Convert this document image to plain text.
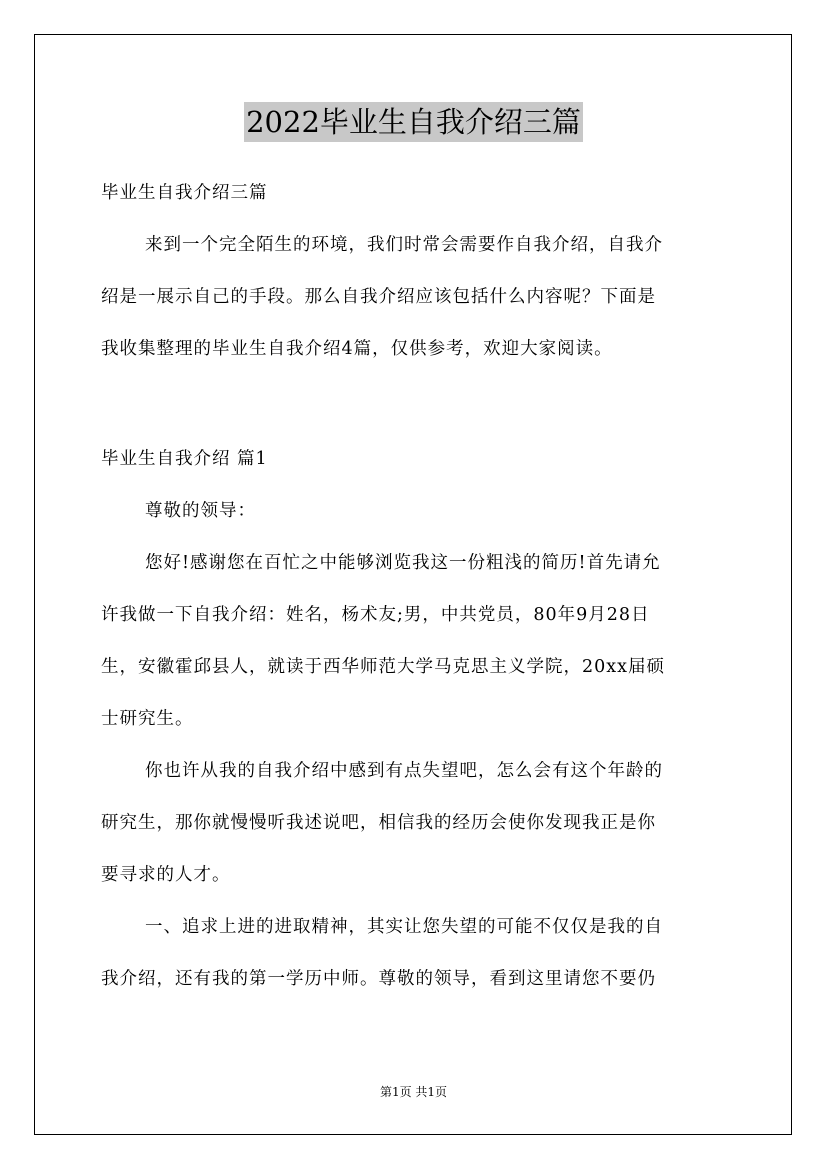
2022毕业生自我介绍三篇
毕业生自我介绍三篇
来到一个完全陌生的环境，我们时常会需要作自我介绍，自我介
绍是一展示自己的手段。那么自我介绍应该包括什么内容呢？下面是
我收集整理的毕业生自我介绍4篇，仅供参考，欢迎大家阅读。
毕业生自我介绍 篇1
尊敬的领导：
您好!感谢您在百忙之中能够浏览我这一份粗浅的简历!首先请允
许我做一下自我介绍：姓名，杨术友;男，中共党员，80年9月28日
生，安徽霍邱县人，就读于西华师范大学马克思主义学院，20xx届硕
士研究生。
你也许从我的自我介绍中感到有点失望吧，怎么会有这个年龄的
研究生，那你就慢慢听我述说吧，相信我的经历会使你发现我正是你
要寻求的人才。
一、追求上进的进取精神，其实让您失望的可能不仅仅是我的自
我介绍，还有我的第一学历中师。尊敬的领导，看到这里请您不要仍
第1页 共1页
